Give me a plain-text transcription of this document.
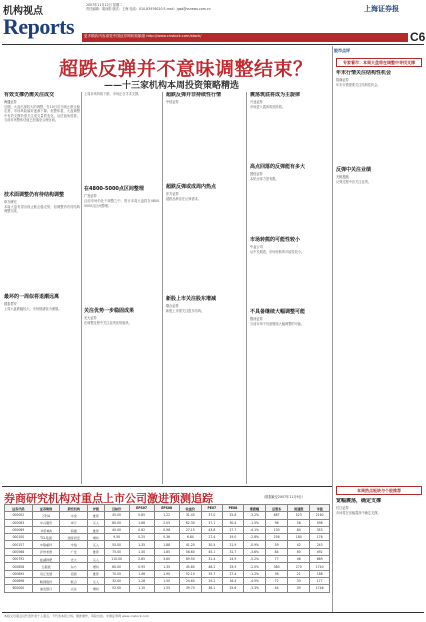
机构视点
Reports
2007年11月12日 星期二
责任编辑：胡向阳 版式：王海 电话：010-83976020 E-mail：jgsd@ssnews.com.cn	上海证券报
更多精彩内容请见中国证券网机构频道 http://www.cnstock.com/stock/	C6
超跌反弹并不意味调整结束？
——十三家机构本周投资策略精选
有效支撑仍需关注成交
海通证券

近期，大盘出现较大的调整，在10日后出现止跌企稳走势，市场风险偏好逐渐下降。但整体看，大盘调整中有效支撑仍需关注成交量的变化。从估值角度看，当前市场整体估值已回落至合理区间。

技术面调整仍有待结构调整
申万研究

本周大盘有望出现止跌企稳走势，但调整仍有待结构调整完成。

最坏的一周似将退潮远离
国泰君安

上周大盘跌幅较大，市场情绪较为谨慎。

上周市场持续下跌，市场正在寻求支撑。

在4800-5000点区间整理
广发证券

目前市场仍处于调整之中，预计本周大盘将在4800-5000点区间整理。

关注优势一步稳固成果
光大证券

在调整过程中关注业绩优势板块。

超跌反弹并非持续性行情
中信证券
超跌反弹或成周内热点
东方证券

超跌品种存在反弹需求。

新股上市关注股东增减
联合证券

新股上市需关注股东结构。

震荡筑底将成为主旋律
兴业证券

市场进入震荡筑底阶段。

高点回落的反弹能有多大
国信证券

本轮反弹力度有限。

市场转熊的可能性较小
中金公司

从中长期看，市场转熊的可能性较小。

不具备继续大幅调整可能
银河证券

当前市场不具备继续大幅调整的可能。

股市点评
专家看市：本周大盘将在调整中寻找支撑
年末行情关注结构性机会
招商证券

年末行情需要关注结构性机会。

反弹中关注业绩
天相投顾

反弹过程中应关注业绩。

本周热点板块与个股推荐
宽幅震荡，确定支撑
长江证券

市场将在宽幅震荡中确定支撑。

券商研究机构对重点上市公司激进预测追踪	（数据截至2007年11月9日）
证券代码	证券简称	研究机构	评级	目标价	EPS07	EPS08	收盘价	PE07	PE08	涨跌幅	总股本	流通股	市值
000002	万科A	中金	推荐	45.00	0.85	1.22	31.45	37.0	25.8	-3.2%	687	523	2160
000063	中兴通讯	申万	买入	80.00	1.68	2.05	62.30	37.1	30.4	-1.5%	96	58	598
000069	华侨城A	海通	推荐	40.00	0.62	0.98	27.15	43.8	27.7	-4.1%	130	84	353
000100	TCL集团	国泰君安	增持	9.50	0.25	0.36	6.84	27.4	19.0	-2.8%	258	180	176
000157	中联重科	中信	买入	55.00	1.35	1.88	41.20	30.5	21.9	-0.9%	59	42	243
000568	泸州老窖	广发	推荐	75.00	1.30	1.85	58.60	45.1	31.7	-3.6%	84	60	492
000792	盐湖钾肥	光大	买入	110.00	2.85	3.60	89.50	31.4	24.9	-5.2%	77	46	689
000858	五粮液	东方	增持	60.00	0.95	1.35	45.80	48.2	33.9	-2.0%	380	270	1740
000895	双汇发展	招商	推荐	70.00	1.46	1.90	52.10	35.7	27.4	-1.2%	36	21	188
000898	鞍钢股份	联合	买入	32.00	1.28	1.50	24.60	19.2	16.4	-4.5%	72	33	177
600000	浦发银行	兴业	增持	52.00	1.10	1.55	39.70	36.1	25.6	-3.3%	44	39	1746
本版文章观点仅代表作者个人观点，不代表本报立场。据此操作，风险自担。中国证券网 www.cnstock.com
